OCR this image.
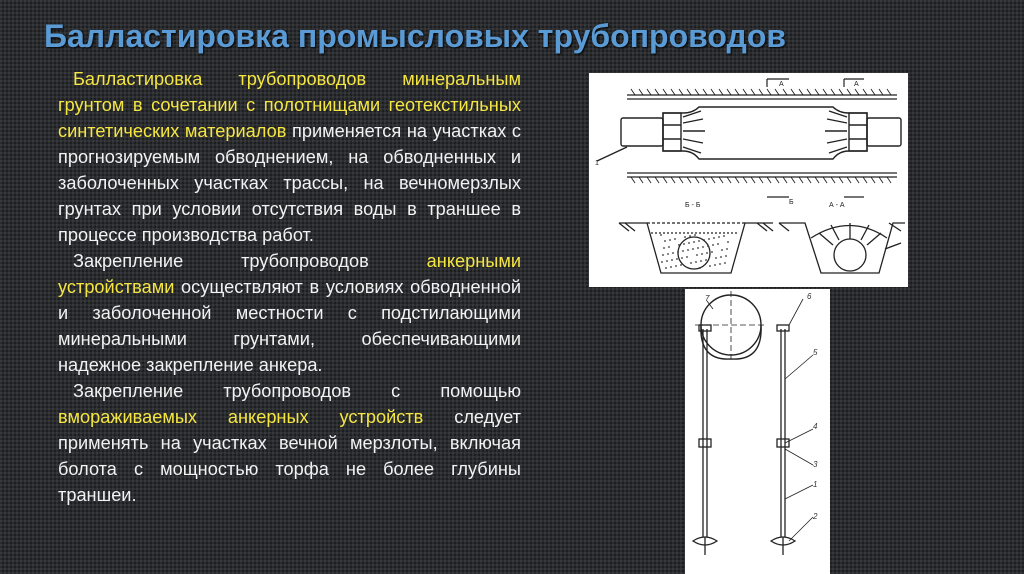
Балластировка промысловых трубопроводов

Балластировка трубопроводов минеральным грунтом в сочетании с полотнищами геотекстильных синтетических материалов применяется на участках с прогнозируемым обводнением, на обводненных и заболоченных участках трассы, на вечномерзлых грунтах при условии отсутствия воды в траншее в процессе производства работ.

Закрепление трубопроводов анкерными устройствами осуществляют в условиях обводненной и заболоченной местности с подстилающими минеральными грунтами, обеспечивающими надежное закрепление анкера.

Закрепление трубопроводов с помощью вмораживаемых анкерных устройств следует применять на участках вечной мерзлоты, включая болота с мощностью торфа не более глубины траншеи.

A	A
Б
1
Б - Б	А - А
7	6
5
4
3
1
2
